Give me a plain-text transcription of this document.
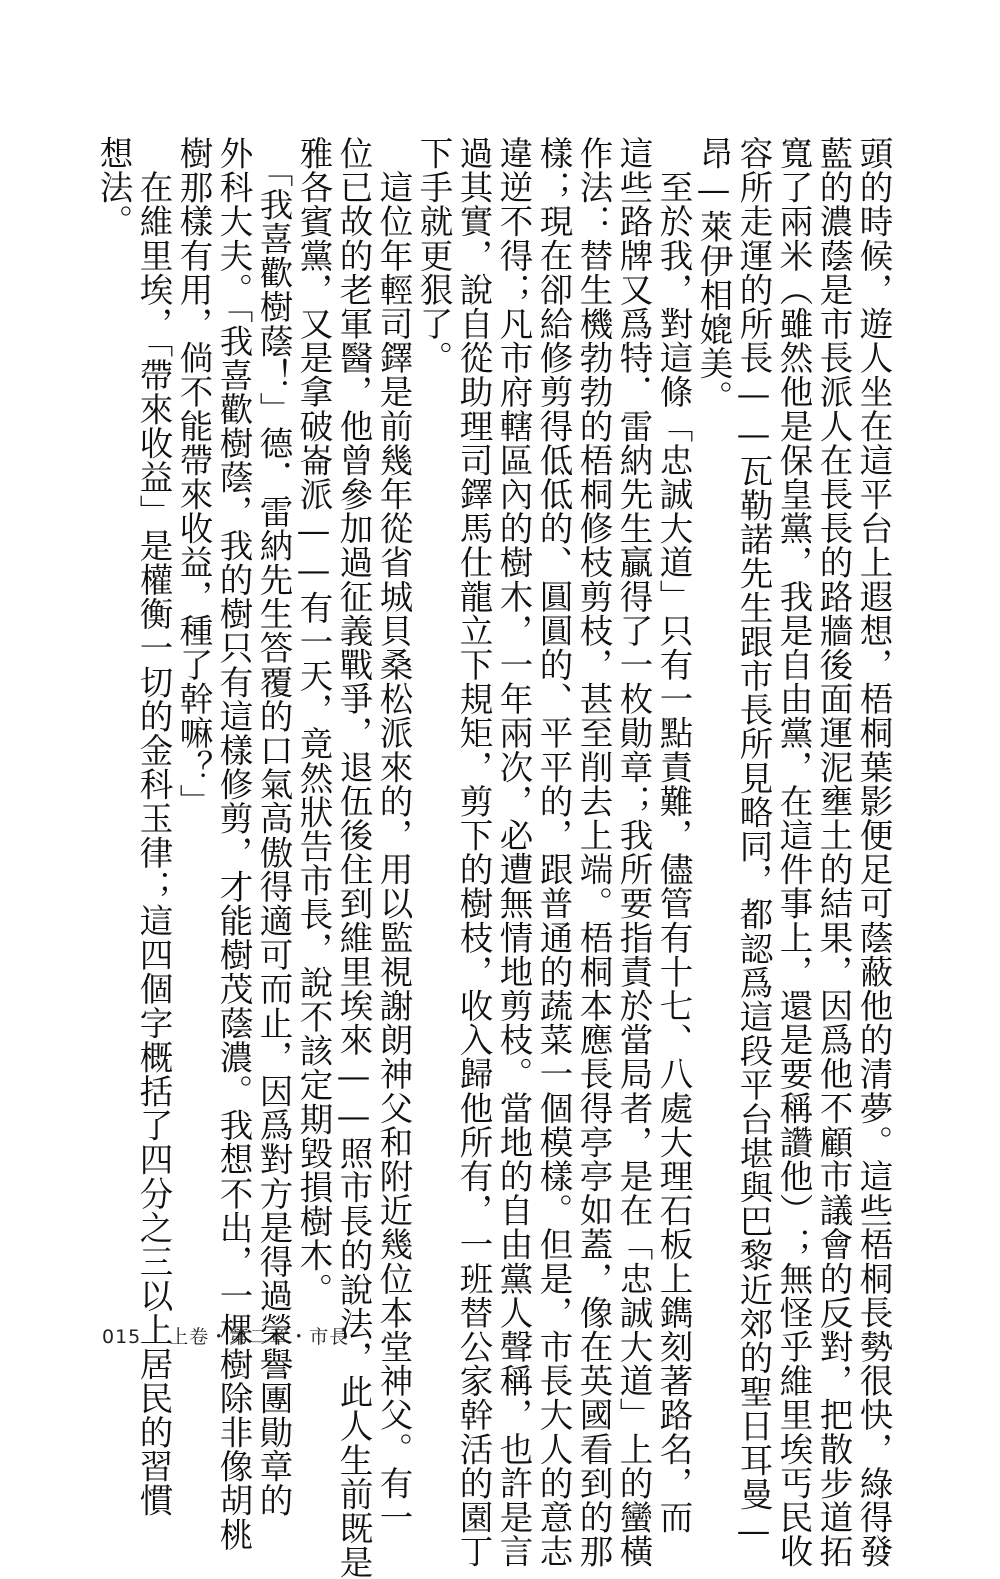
頭的時候，遊人坐在這平台上遐想，梧桐葉影便足可蔭蔽他的清夢。這些梧桐長勢很快，綠得發
藍的濃蔭是市長派人在長長的路牆後面運泥壅土的結果，因爲他不顧市議會的反對，把散步道拓
寬了兩米（雖然他是保皇黨，我是自由黨，在這件事上，還是要稱讚他）；無怪乎維里埃丐民收
容所走運的所長——瓦勒諾先生跟市長所見略同，都認爲這段平台堪與巴黎近郊的聖日耳曼—
昂—萊伊相媲美。
　至於我，對這條「忠誠大道」只有一點責難，儘管有十七、八處大理石板上鐫刻著路名，而
這些路牌又爲特．雷納先生贏得了一枚勛章；我所要指責於當局者，是在「忠誠大道」上的蠻橫
作法：替生機勃勃的梧桐修枝剪枝，甚至削去上端。梧桐本應長得亭亭如蓋，像在英國看到的那
樣；現在卻給修剪得低低的、圓圓的、平平的，跟普通的蔬菜一個模樣。但是，市長大人的意志
違逆不得；凡市府轄區內的樹木，一年兩次，必遭無情地剪枝。當地的自由黨人聲稱，也許是言
過其實，說自從助理司鐸馬仕龍立下規矩，剪下的樹枝，收入歸他所有，一班替公家幹活的園丁
下手就更狠了。
　這位年輕司鐸是前幾年從省城貝桑松派來的，用以監視謝朗神父和附近幾位本堂神父。有一
位已故的老軍醫，他曾參加過征義戰爭，退伍後住到維里埃來——照市長的說法，此人生前既是
雅各賓黨，又是拿破崙派——有一天，竟然狀告市長，說不該定期毀損樹木。
　「我喜歡樹蔭！」德．雷納先生答覆的口氣高傲得適可而止，因爲對方是得過榮譽團勛章的
外科大夫。「我喜歡樹蔭，我的樹只有這樣修剪，才能樹茂蔭濃。我想不出，一棵樹除非像胡桃
樹那樣有用，倘不能帶來收益，種了幹嘛？」
　在維里埃，「帶來收益」是權衡一切的金科玉律；這四個字概括了四分之三以上居民的習慣
想法。
015 上卷・第二章・市長
